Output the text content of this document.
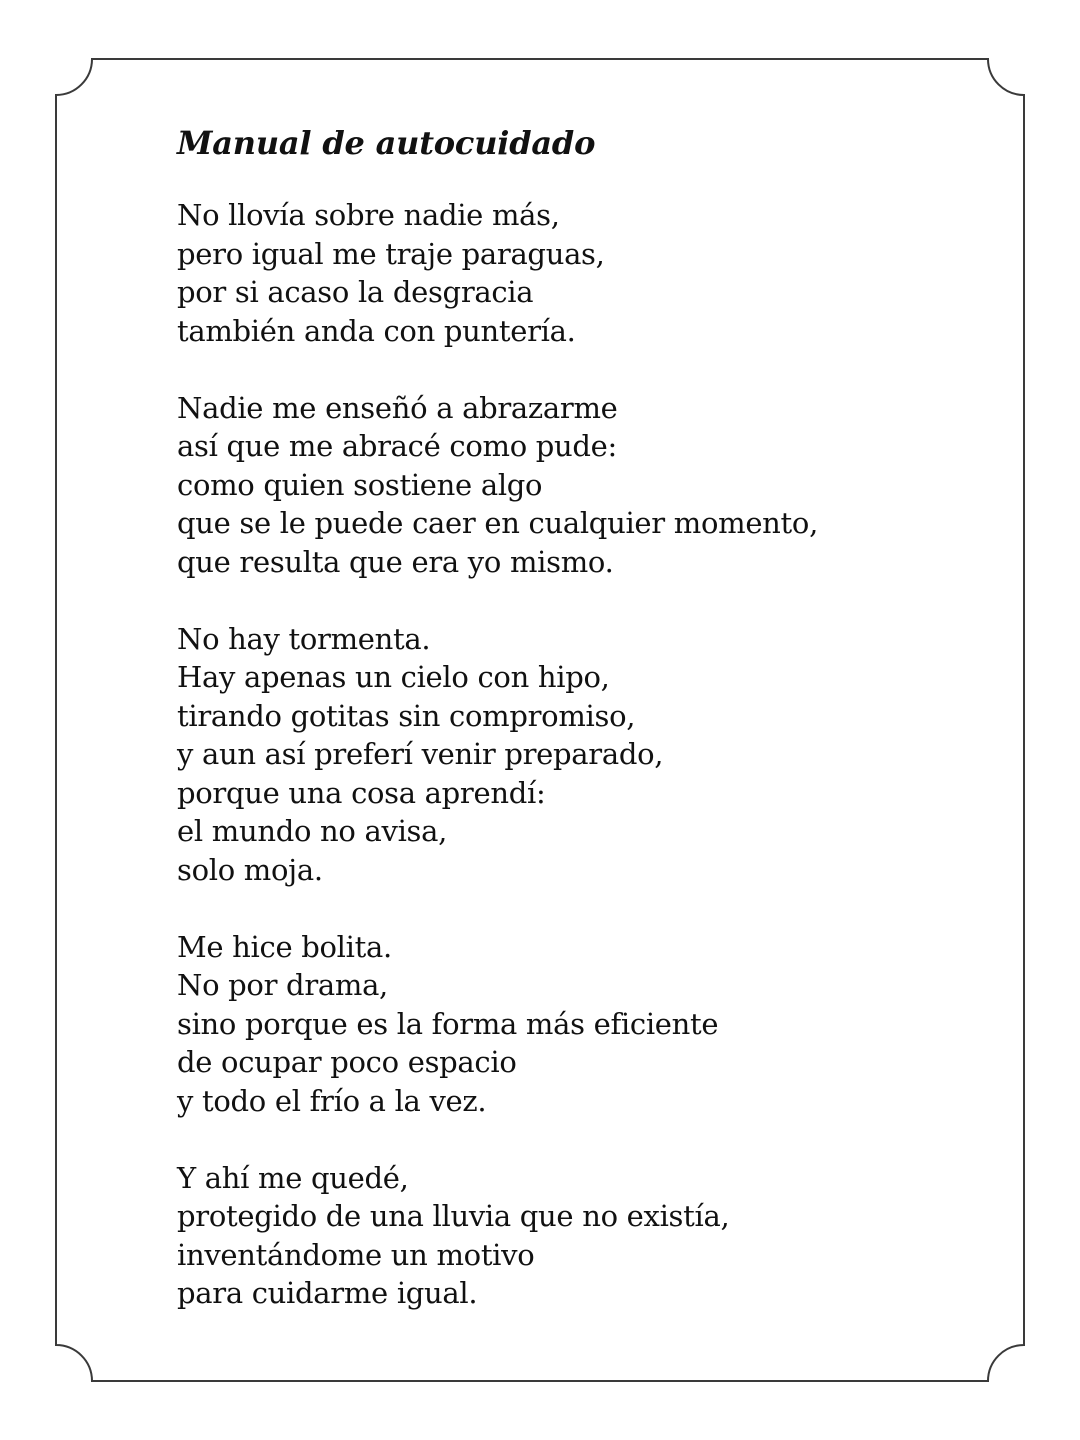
Manual de autocuidado
No llovía sobre nadie más,
pero igual me traje paraguas,
por si acaso la desgracia
también anda con puntería.
Nadie me enseñó a abrazarme
así que me abracé como pude:
como quien sostiene algo
que se le puede caer en cualquier momento,
que resulta que era yo mismo.
No hay tormenta.
Hay apenas un cielo con hipo,
tirando gotitas sin compromiso,
y aun así preferí venir preparado,
porque una cosa aprendí:
el mundo no avisa,
solo moja.
Me hice bolita.
No por drama,
sino porque es la forma más eficiente
de ocupar poco espacio
y todo el frío a la vez.
Y ahí me quedé,
protegido de una lluvia que no existía,
inventándome un motivo
para cuidarme igual.
